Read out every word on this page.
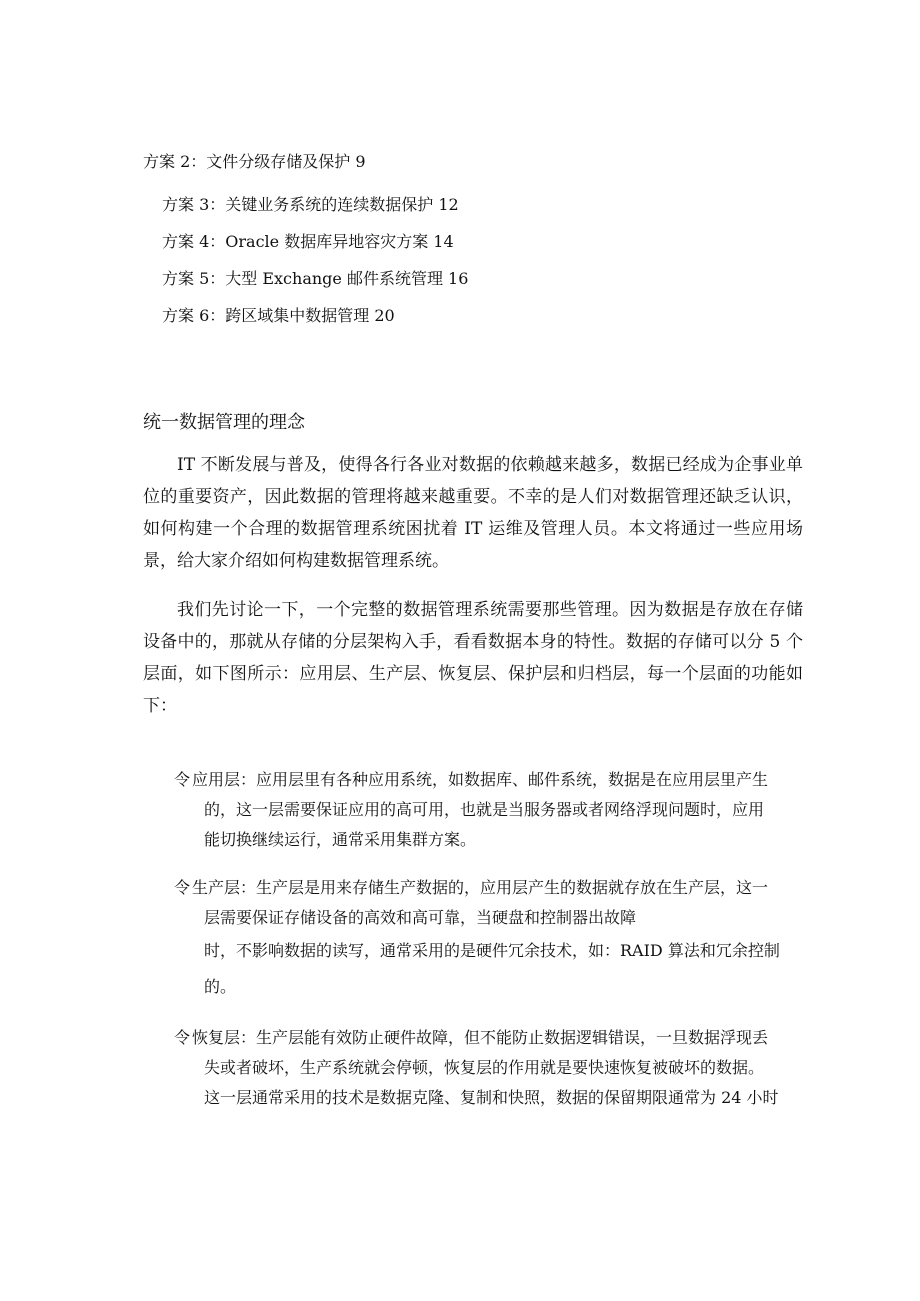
方案 2：文件分级存储及保护 9
方案 3：关键业务系统的连续数据保护 12
方案 4：Oracle 数据库异地容灾方案 14
方案 5：大型 Exchange 邮件系统管理 16
方案 6：跨区域集中数据管理 20
统一数据管理的理念

IT 不断发展与普及，使得各行各业对数据的依赖越来越多，数据已经成为企事业单位的重要资产，因此数据的管理将越来越重要。不幸的是人们对数据管理还缺乏认识，如何构建一个合理的数据管理系统困扰着 IT 运维及管理人员。本文将通过一些应用场景，给大家介绍如何构建数据管理系统。

我们先讨论一下，一个完整的数据管理系统需要那些管理。因为数据是存放在存储设备中的，那就从存储的分层架构入手，看看数据本身的特性。数据的存储可以分 5 个层面，如下图所示：应用层、生产层、恢复层、保护层和归档层，每一个层面的功能如下：

令 应用层：应用层里有各种应用系统，如数据库、邮件系统，数据是在应用层里产生
的，这一层需要保证应用的高可用，也就是当服务器或者网络浮现问题时，应用
能切换继续运行，通常采用集群方案。
令 生产层：生产层是用来存储生产数据的，应用层产生的数据就存放在生产层，这一
层需要保证存储设备的高效和高可靠，当硬盘和控制器出故障
时，不影响数据的读写，通常采用的是硬件冗余技术，如：RAID 算法和冗余控制
的。
令 恢复层：生产层能有效防止硬件故障，但不能防止数据逻辑错误，一旦数据浮现丢
失或者破坏，生产系统就会停顿，恢复层的作用就是要快速恢复被破坏的数据。
这一层通常采用的技术是数据克隆、复制和快照，数据的保留期限通常为 24 小时
